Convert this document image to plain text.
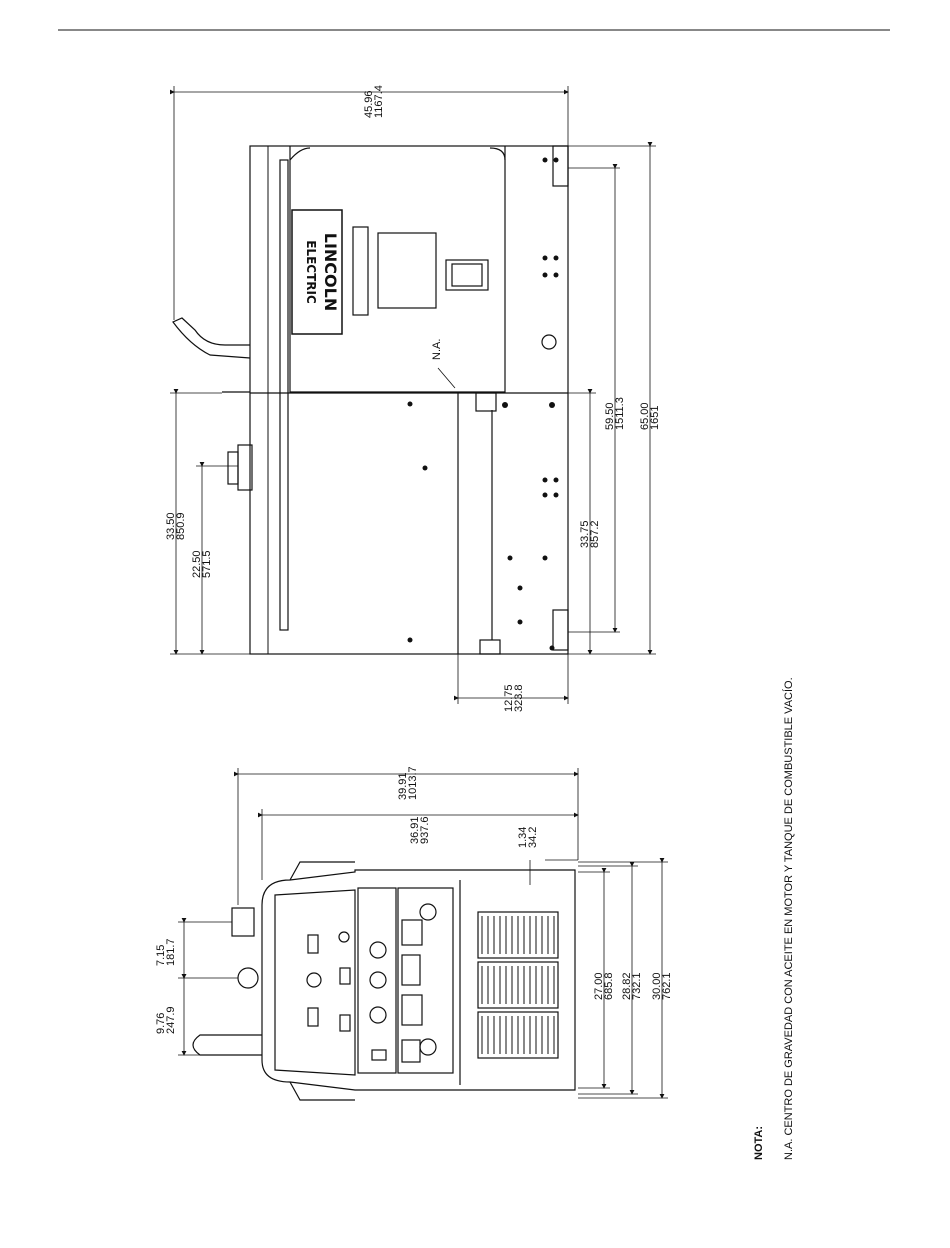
LINCOLN
ELECTRIC
N.A.
45.96
1167.4
65.00
1651
59.50
1511.3
33.75
857.2
33.50
850.9
22.50
571.5
12.75
323.8
39.91
1013.7
36.91
937.6	1.34
34.2
27.00
685.8 28.82
732.1 30.00
762.1
7.15
181.7
9.76
247.9
NOTA: N.A. CENTRO DE GRAVEDAD CON ACEITE EN MOTOR Y TANQUE DE COMBUSTIBLE VACÍO.
